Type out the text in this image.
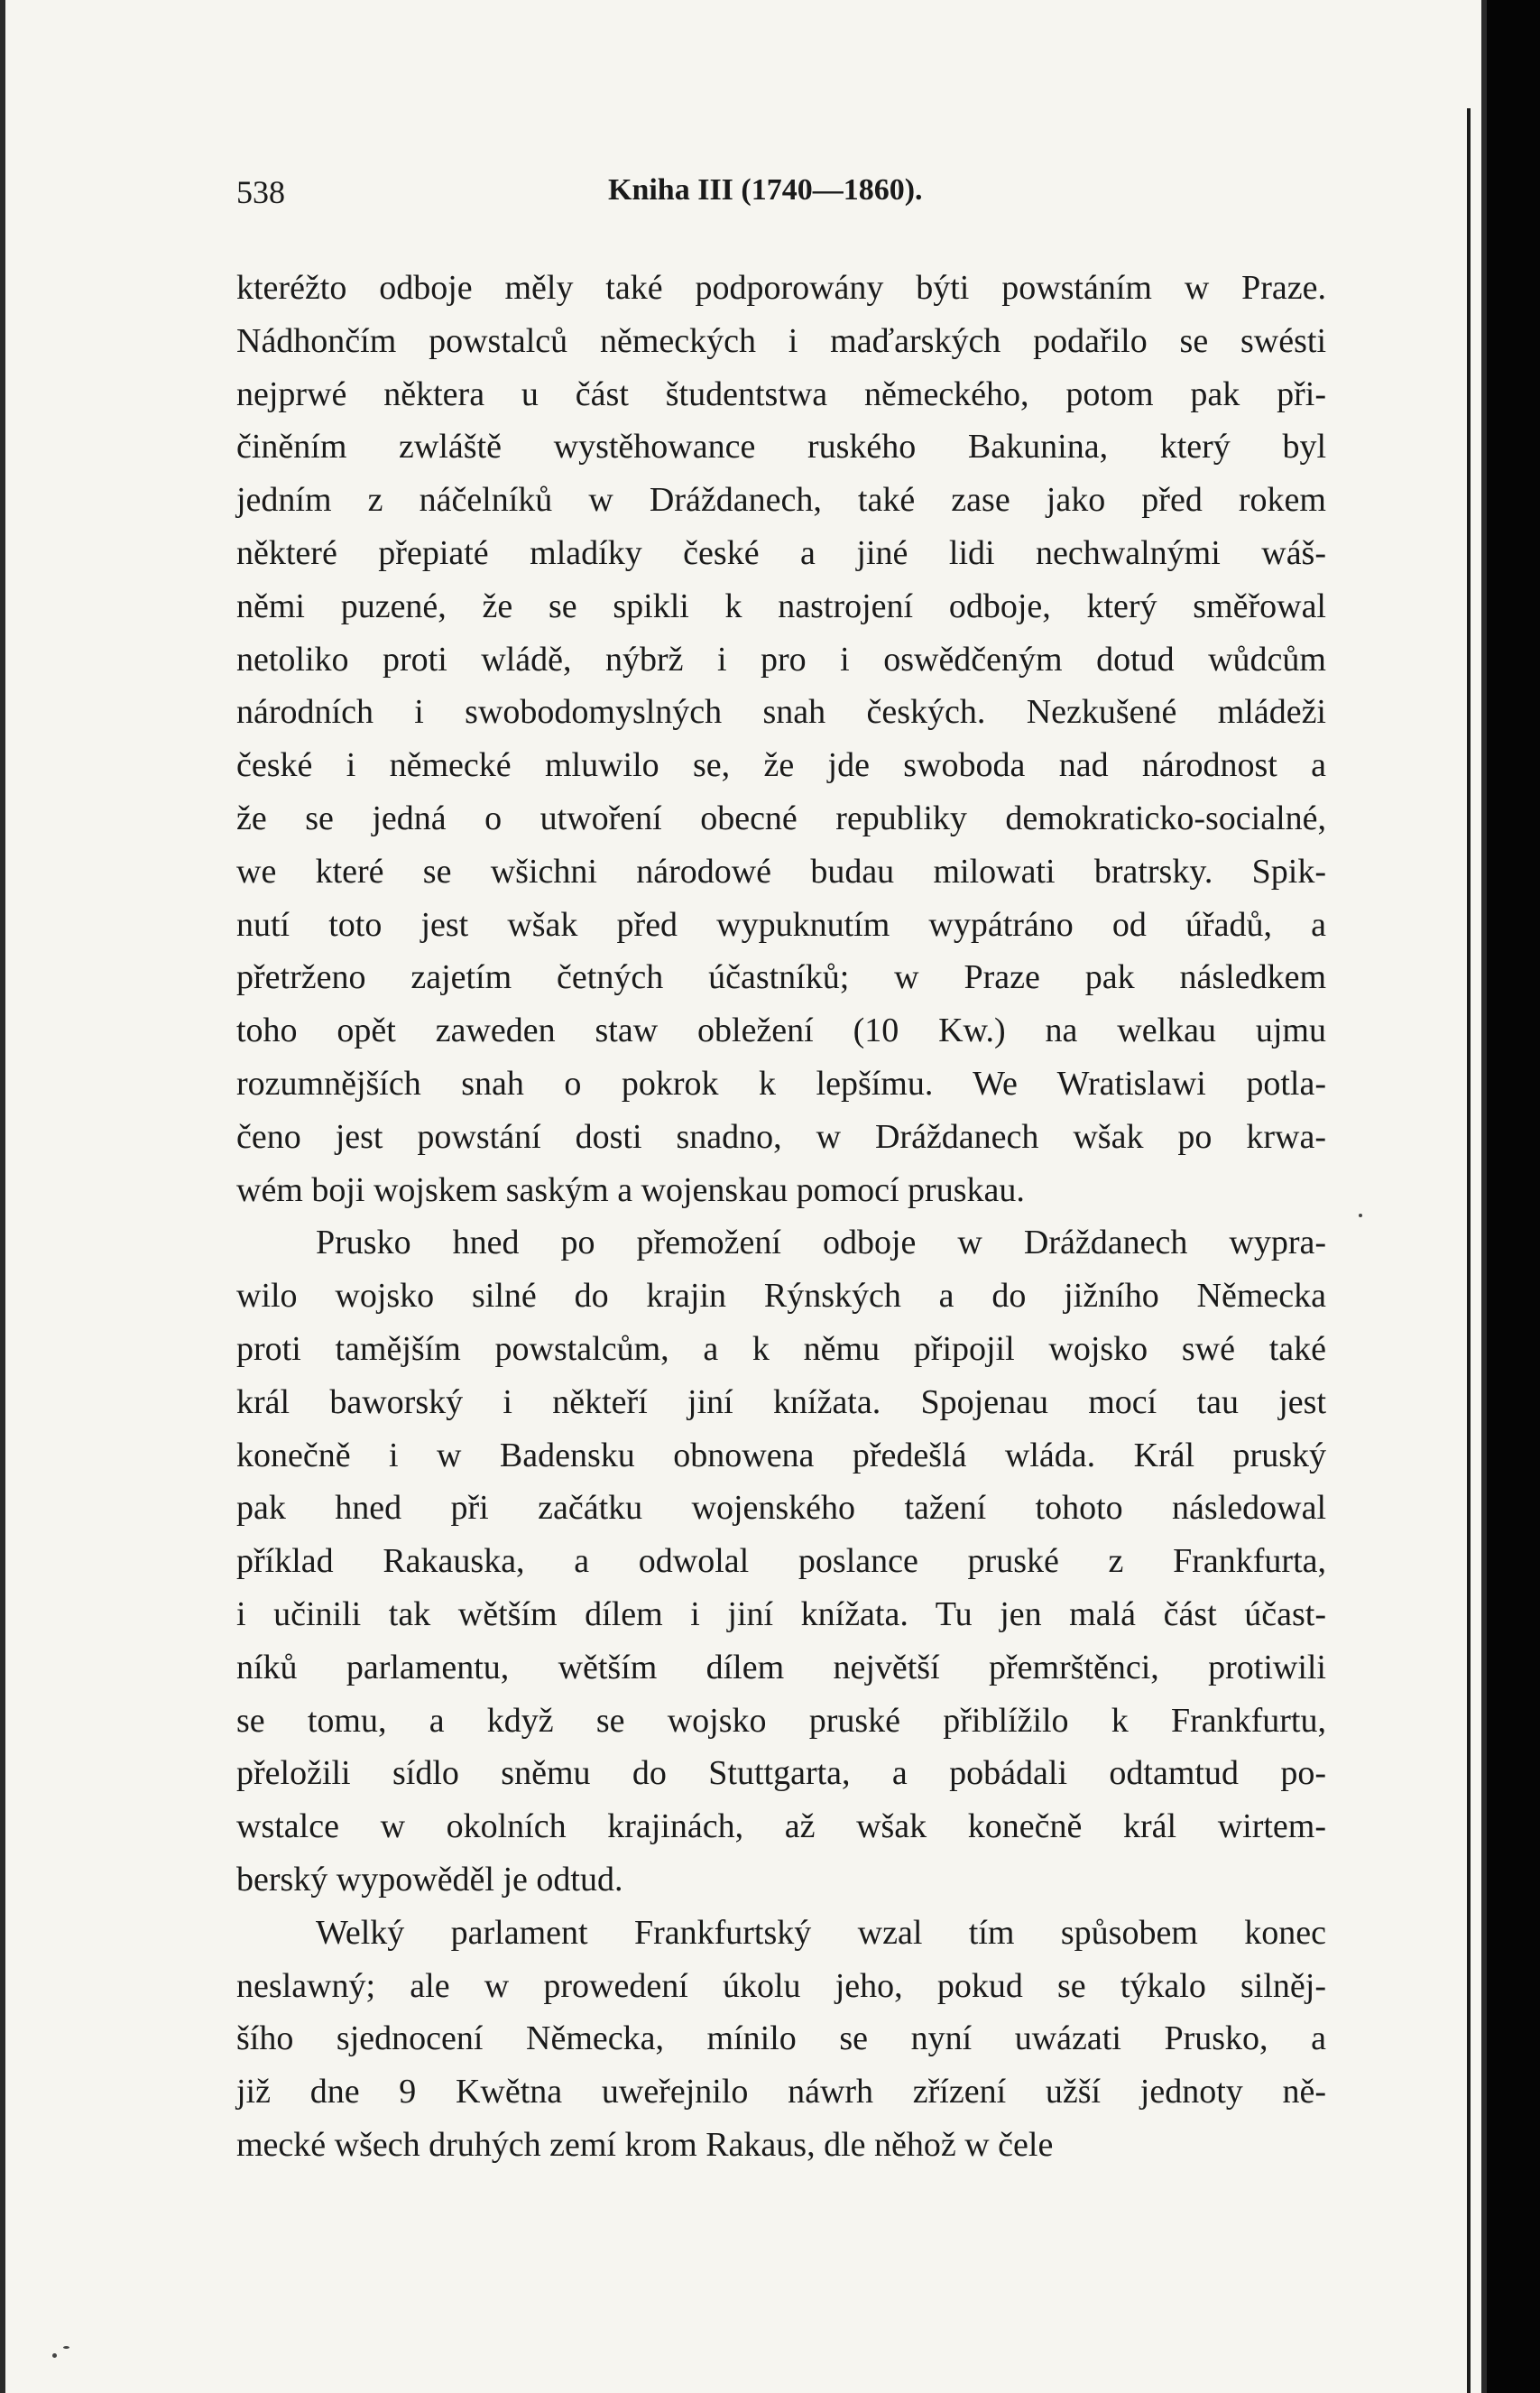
538	Kniha III (1740—1860).

kteréžto odboje měly také podporowány býti powstáním w Praze.
Nádhončím powstalců německých i maďarských podařilo se swésti
nejprwé některa u část študentstwa německého, potom pak při-
činěním zwláště wystěhowance ruského Bakunina, který byl
jedním z náčelníků w Dráždanech, také zase jako před rokem
některé přepiaté mladíky české a jiné lidi nechwalnými wáš-
němi puzené, že se spikli k nastrojení odboje, který směřowal
netoliko proti wládě, nýbrž i pro i oswědčeným dotud wůdcům
národních i swobodomyslných snah českých. Nezkušené mládeži
české i německé mluwilo se, že jde swoboda nad národnost a
že se jedná o utwoření obecné republiky demokraticko-socialné,
we které se wšichni národowé budau milowati bratrsky. Spik-
nutí toto jest wšak před wypuknutím wypátráno od úřadů, a
přetrženo zajetím četných účastníků; w Praze pak následkem
toho opět zaweden staw obležení (10 Kw.) na welkau ujmu
rozumnějších snah o pokrok k lepšímu. We Wratislawi potla-
čeno jest powstání dosti snadno, w Dráždanech wšak po krwa-
wém boji wojskem saským a wojenskau pomocí pruskau.

Prusko hned po přemožení odboje w Dráždanech wypra-
wilo wojsko silné do krajin Rýnských a do jižního Německa
proti tamějším powstalcům, a k němu připojil wojsko swé také
král baworský i někteří jiní knížata. Spojenau mocí tau jest
konečně i w Badensku obnowena předešlá wláda. Král pruský
pak hned při začátku wojenského tažení tohoto následowal
příklad Rakauska, a odwolal poslance pruské z Frankfurta,
i učinili tak wětším dílem i jiní knížata. Tu jen malá část účast-
níků parlamentu, wětším dílem největší přemrštěnci, protiwili
se tomu, a když se wojsko pruské přiblížilo k Frankfurtu,
přeložili sídlo sněmu do Stuttgarta, a pobádali odtamtud po-
wstalce w okolních krajinách, až wšak konečně král wirtem-
berský wypowěděl je odtud.

Welký parlament Frankfurtský wzal tím spůsobem konec
neslawný; ale w prowedení úkolu jeho, pokud se týkalo silněj-
šího sjednocení Německa, mínilo se nyní uwázati Prusko, a
již dne 9 Kwětna uweřejnilo náwrh zřízení užší jednoty ně-
mecké wšech druhých zemí krom Rakaus, dle něhož w čele
